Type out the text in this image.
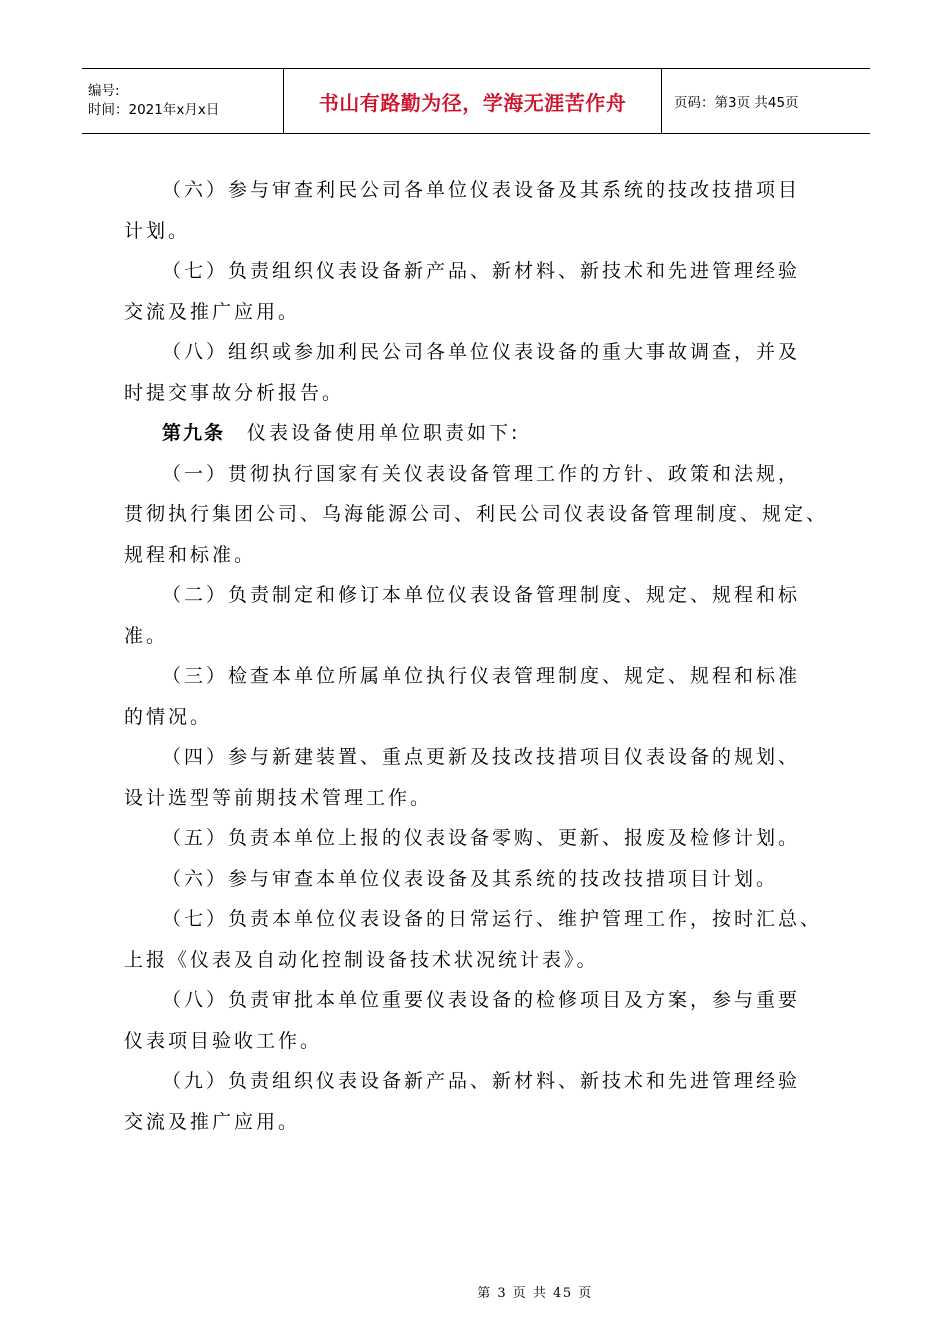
编号:
时间：2021年x月x日	书山有路勤为径，学海无涯苦作舟	页码：第3页 共45页
（六）参与审查利民公司各单位仪表设备及其系统的技改技措项目
计划。
（七）负责组织仪表设备新产品、新材料、新技术和先进管理经验
交流及推广应用。
（八）组织或参加利民公司各单位仪表设备的重大事故调查，并及
时提交事故分析报告。
第九条  仪表设备使用单位职责如下:
（一）贯彻执行国家有关仪表设备管理工作的方针、政策和法规，
贯彻执行集团公司、乌海能源公司、利民公司仪表设备管理制度、规定、
规程和标准。
（二）负责制定和修订本单位仪表设备管理制度、规定、规程和标
准。
（三）检查本单位所属单位执行仪表管理制度、规定、规程和标准
的情况。
（四）参与新建装置、重点更新及技改技措项目仪表设备的规划、
设计选型等前期技术管理工作。
（五）负责本单位上报的仪表设备零购、更新、报废及检修计划。
（六）参与审查本单位仪表设备及其系统的技改技措项目计划。
（七）负责本单位仪表设备的日常运行、维护管理工作，按时汇总、
上报《仪表及自动化控制设备技术状况统计表》。
（八）负责审批本单位重要仪表设备的检修项目及方案，参与重要
仪表项目验收工作。
（九）负责组织仪表设备新产品、新材料、新技术和先进管理经验
交流及推广应用。
第 3 页 共 45 页
